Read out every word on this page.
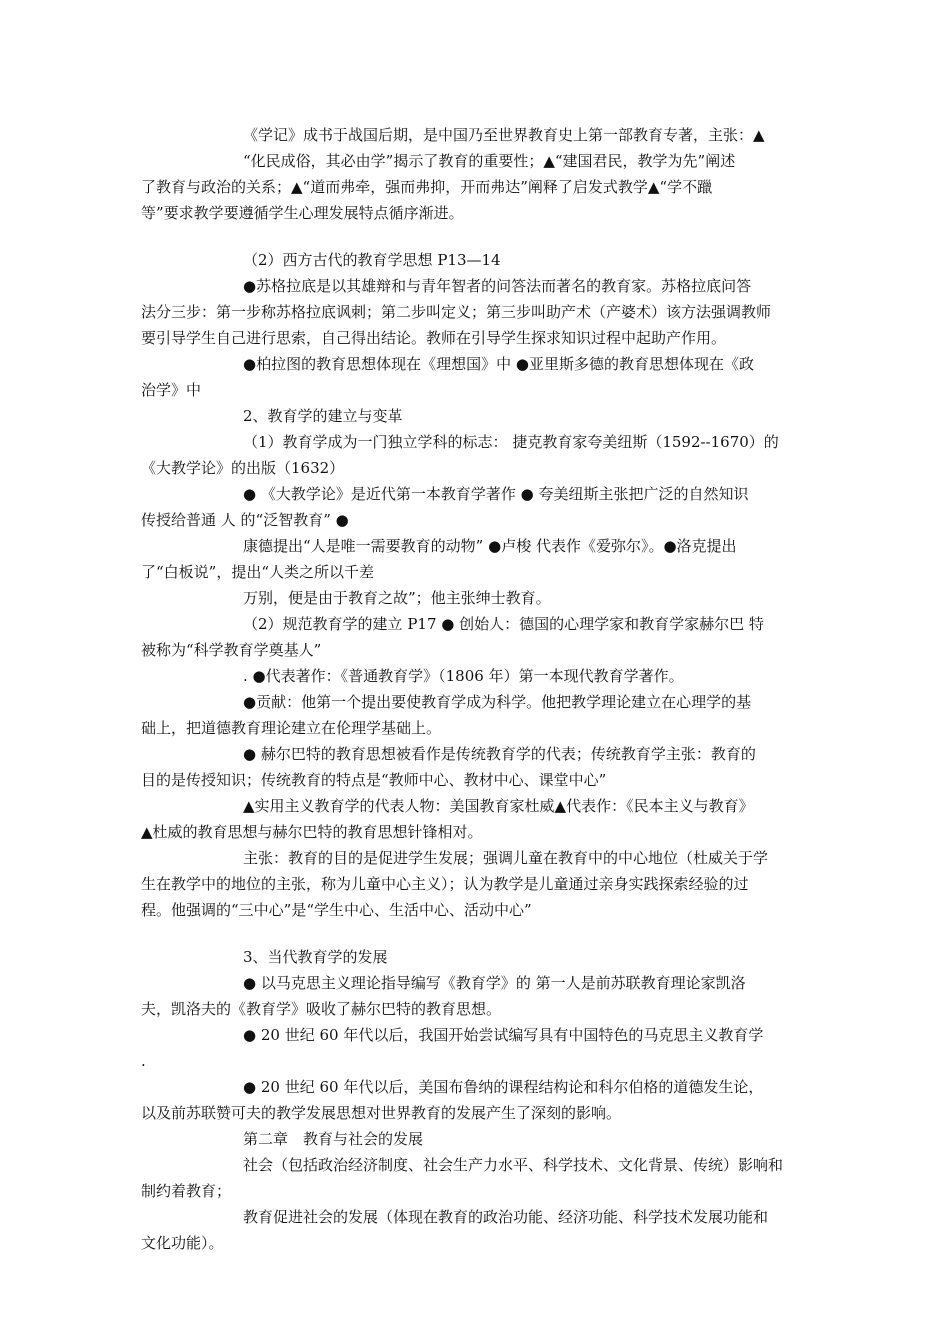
《学记》成书于战国后期，是中国乃至世界教育史上第一部教育专著，主张：▲
“化民成俗，其必由学”揭示了教育的重要性；▲“建国君民，教学为先”阐述
了教育与政治的关系；▲“道而弗牵，强而弗抑，开而弗达”阐释了启发式教学▲“学不躐
等”要求教学要遵循学生心理发展特点循序渐进。
（2）西方古代的教育学思想 P13—14
●苏格拉底是以其雄辩和与青年智者的问答法而著名的教育家。苏格拉底问答
法分三步：第一步称苏格拉底讽刺；第二步叫定义；第三步叫助产术（产婆术）该方法强调教师
要引导学生自己进行思索，自己得出结论。教师在引导学生探求知识过程中起助产作用。
●柏拉图的教育思想体现在《理想国》中 ●亚里斯多德的教育思想体现在《政
治学》中
2、教育学的建立与变革
（1）教育学成为一门独立学科的标志： 捷克教育家夸美纽斯（1592--1670）的
《大教学论》的出版（1632）
● 《大教学论》是近代第一本教育学著作 ● 夸美纽斯主张把广泛的自然知识
传授给普通 人 的“泛智教育” ●
康德提出“人是唯一需要教育的动物” ●卢梭 代表作《爱弥尔》。●洛克提出
了“白板说”，提出“人类之所以千差
万别，便是由于教育之故”；他主张绅士教育。
（2）规范教育学的建立 P17 ● 创始人：德国的心理学家和教育学家赫尔巴 特
被称为“科学教育学奠基人”
. ●代表著作：《普通教育学》（1806 年）第一本现代教育学著作。
●贡献：他第一个提出要使教育学成为科学。他把教学理论建立在心理学的基
础上，把道德教育理论建立在伦理学基础上。
● 赫尔巴特的教育思想被看作是传统教育学的代表；传统教育学主张：教育的
目的是传授知识；传统教育的特点是“教师中心、教材中心、课堂中心”
▲实用主义教育学的代表人物：美国教育家杜威▲代表作：《民本主义与教育》
▲杜威的教育思想与赫尔巴特的教育思想针锋相对。
主张：教育的目的是促进学生发展；强调儿童在教育中的中心地位（杜威关于学
生在教学中的地位的主张，称为儿童中心主义）；认为教学是儿童通过亲身实践探索经验的过
程。他强调的“三中心”是“学生中心、生活中心、活动中心”
3、当代教育学的发展
● 以马克思主义理论指导编写《教育学》的 第一人是前苏联教育理论家凯洛
夫，凯洛夫的《教育学》吸收了赫尔巴特的教育思想。
● 20 世纪 60 年代以后，我国开始尝试编写具有中国特色的马克思主义教育学
.
● 20 世纪 60 年代以后，美国布鲁纳的课程结构论和科尔伯格的道德发生论，
以及前苏联赞可夫的教学发展思想对世界教育的发展产生了深刻的影响。
第二章　教育与社会的发展
社会（包括政治经济制度、社会生产力水平、科学技术、文化背景、传统）影响和
制约着教育；
教育促进社会的发展（体现在教育的政治功能、经济功能、科学技术发展功能和
文化功能）。
